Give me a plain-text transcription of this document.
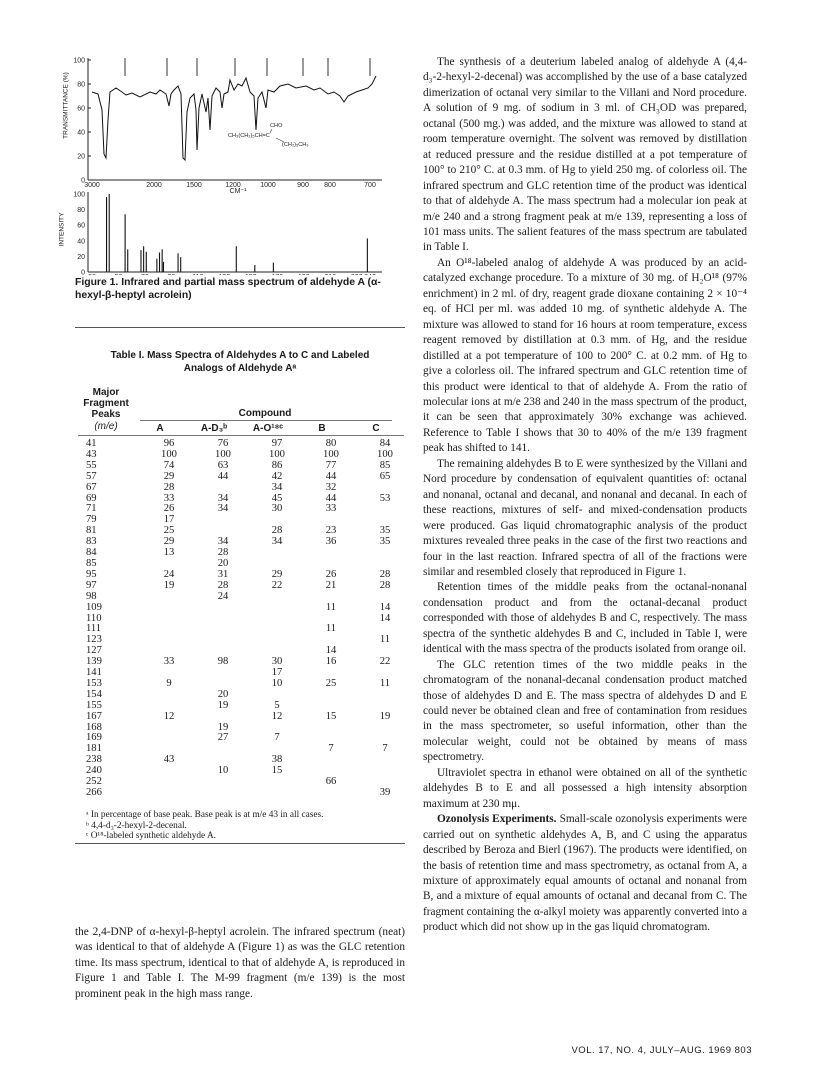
100
80
60
40
20
0
3000	2000	1500	1200	1000	900 800	700
CM⁻¹
CHO
CH₃(CH₂)₅CH=C
(CH₂)₅CH₃
100
80
60
40
20
0
TRANSMITTANCE (%)
INTENSITY
Figure 1. Infrared and partial mass spectrum of aldehyde A (α-hexyl-β-heptyl acrolein)
Table I. Mass Spectra of Aldehydes A to C and Labeled
Analogs of Aldehyde Aᵃ
Major
Fragment
Peaks
(m/e)
Compound
A	A-D₃ᵇ	A-O¹⁸ᶜ	B	C
41	96	76	97	80	84
43	100	100	100	100	100
55	74	63	86	77	85
57	29	44	42	44	65
67	28		34	32	
69	33	34	45	44	53
71	26	34	30	33	
79	17				
81	25		28	23	35
83	29	34	34	36	35
84	13	28			
85		20			
95	24	31	29	26	28
97	19	28	22	21	28
98		24			
109				11	14
110					14
111				11	
123					11
127				14	
139	33	98	30	16	22
141			17		
153	9		10	25	11
154		20			
155		19	5		
167	12		12	15	19
168		19			
169		27	7		
181				7	7
238	43		38		
240		10	15		
252				66	
266					39
ᵃ In percentage of base peak. Base peak is at m/e 43 in all cases.
ᵇ 4,4-d₃-2-hexyl-2-decenal.
ᶜ O¹⁸-labeled synthetic aldehyde A.

the 2,4-DNP of α-hexyl-β-heptyl acrolein. The infrared spectrum (neat) was identical to that of aldehyde A (Figure 1) as was the GLC retention time. Its mass spectrum, identical to that of aldehyde A, is reproduced in Figure 1 and Table I. The M-99 fragment (m/e 139) is the most prominent peak in the high mass range.

The synthesis of a deuterium labeled analog of aldehyde A (4,4-d₃-2-hexyl-2-decenal) was accomplished by the use of a base catalyzed dimerization of octanal very similar to the Villani and Nord procedure. A solution of 9 mg. of sodium in 3 ml. of CH₃OD was prepared, octanal (500 mg.) was added, and the mixture was allowed to stand at room temperature overnight. The solvent was removed by distillation at reduced pressure and the residue distilled at a pot temperature of 100° to 210° C. at 0.3 mm. of Hg to yield 250 mg. of colorless oil. The infrared spectrum and GLC retention time of the product was identical to that of aldehyde A. The mass spectrum had a molecular ion peak at m/e 240 and a strong fragment peak at m/e 139, representing a loss of 101 mass units. The salient features of the mass spectrum are tabulated in Table I.

An O¹⁸-labeled analog of aldehyde A was produced by an acid-catalyzed exchange procedure. To a mixture of 30 mg. of H₂O¹⁸ (97% enrichment) in 2 ml. of dry, reagent grade dioxane containing 2 × 10⁻⁴ eq. of HCl per ml. was added 10 mg. of synthetic aldehyde A. The mixture was allowed to stand for 16 hours at room temperature, excess reagent removed by distillation at 0.3 mm. of Hg, and the residue distilled at a pot temperature of 100 to 200° C. at 0.2 mm. of Hg to give a colorless oil. The infrared spectrum and GLC retention time of this product were identical to that of aldehyde A. From the ratio of molecular ions at m/e 238 and 240 in the mass spectrum of the product, it can be seen that approximately 30% exchange was achieved. Reference to Table I shows that 30 to 40% of the m/e 139 fragment peak has shifted to 141.

The remaining aldehydes B to E were synthesized by the Villani and Nord procedure by condensation of equivalent quantities of: octanal and nonanal, octanal and decanal, and nonanal and decanal. In each of these reactions, mixtures of self- and mixed-condensation products were produced. Gas liquid chromatographic analysis of the product mixtures revealed three peaks in the case of the first two reactions and four in the last reaction. Infrared spectra of all of the fractions were similar and resembled closely that reproduced in Figure 1.

Retention times of the middle peaks from the octanal-nonanal condensation product and from the octanal-decanal product corresponded with those of aldehydes B and C, respectively. The mass spectra of the synthetic aldehydes B and C, included in Table I, were identical with the mass spectra of the products isolated from orange oil.

The GLC retention times of the two middle peaks in the chromatogram of the nonanal-decanal condensation product matched those of aldehydes D and E. The mass spectra of aldehydes D and E could never be obtained clean and free of contamination from residues in the mass spectrometer, so useful information, other than the molecular weight, could not be obtained by means of mass spectrometry.

Ultraviolet spectra in ethanol were obtained on all of the synthetic aldehydes B to E and all possessed a high intensity absorption maximum at 230 mμ.

Ozonolysis Experiments. Small-scale ozonolysis experiments were carried out on synthetic aldehydes A, B, and C using the apparatus described by Beroza and Bierl (1967). The products were identified, on the basis of retention time and mass spectrometry, as octanal from A, a mixture of approximately equal amounts of octanal and nonanal from B, and a mixture of equal amounts of octanal and decanal from C. The fragment containing the α-alkyl moiety was apparently converted into a product which did not show up in the gas liquid chromatogram.

VOL. 17, NO. 4, JULY–AUG. 1969 803
